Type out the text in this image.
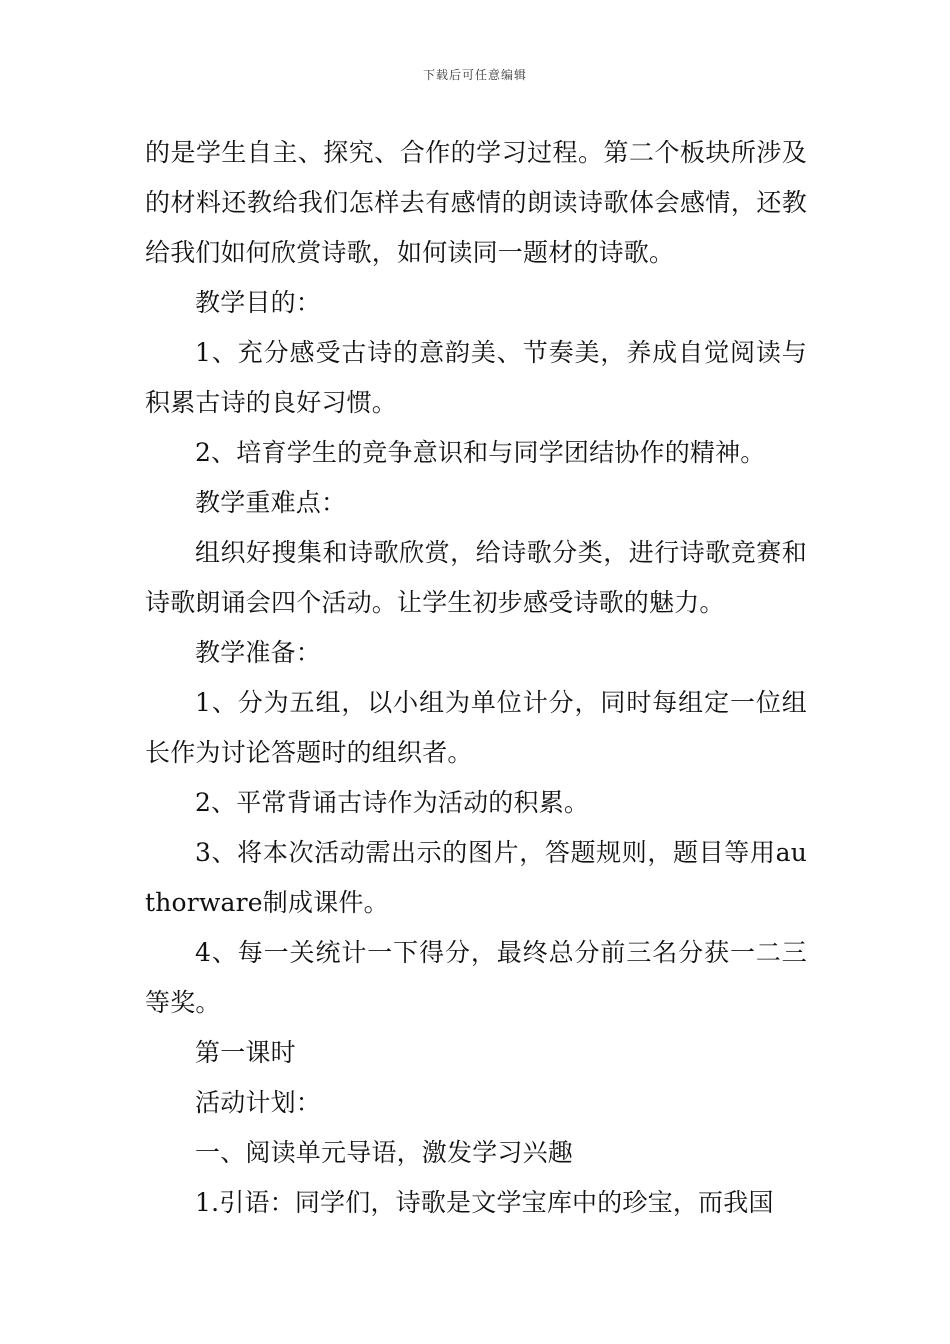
下载后可任意编辑

的是学生自主、探究、合作的学习过程。第二个板块所涉及的材料还教给我们怎样去有感情的朗读诗歌体会感情，还教给我们如何欣赏诗歌，如何读同一题材的诗歌。

教学目的：

1、充分感受古诗的意韵美、节奏美，养成自觉阅读与积累古诗的良好习惯。

2、培育学生的竞争意识和与同学团结协作的精神。

教学重难点：

组织好搜集和诗歌欣赏，给诗歌分类，进行诗歌竞赛和诗歌朗诵会四个活动。让学生初步感受诗歌的魅力。

教学准备：

1、分为五组，以小组为单位计分，同时每组定一位组长作为讨论答题时的组织者。

2、平常背诵古诗作为活动的积累。

3、将本次活动需出示的图片，答题规则，题目等用authorware制成课件。

4、每一关统计一下得分，最终总分前三名分获一二三等奖。

第一课时

活动计划：

一、阅读单元导语，激发学习兴趣

1.引语：同学们，诗歌是文学宝库中的珍宝，而我国
